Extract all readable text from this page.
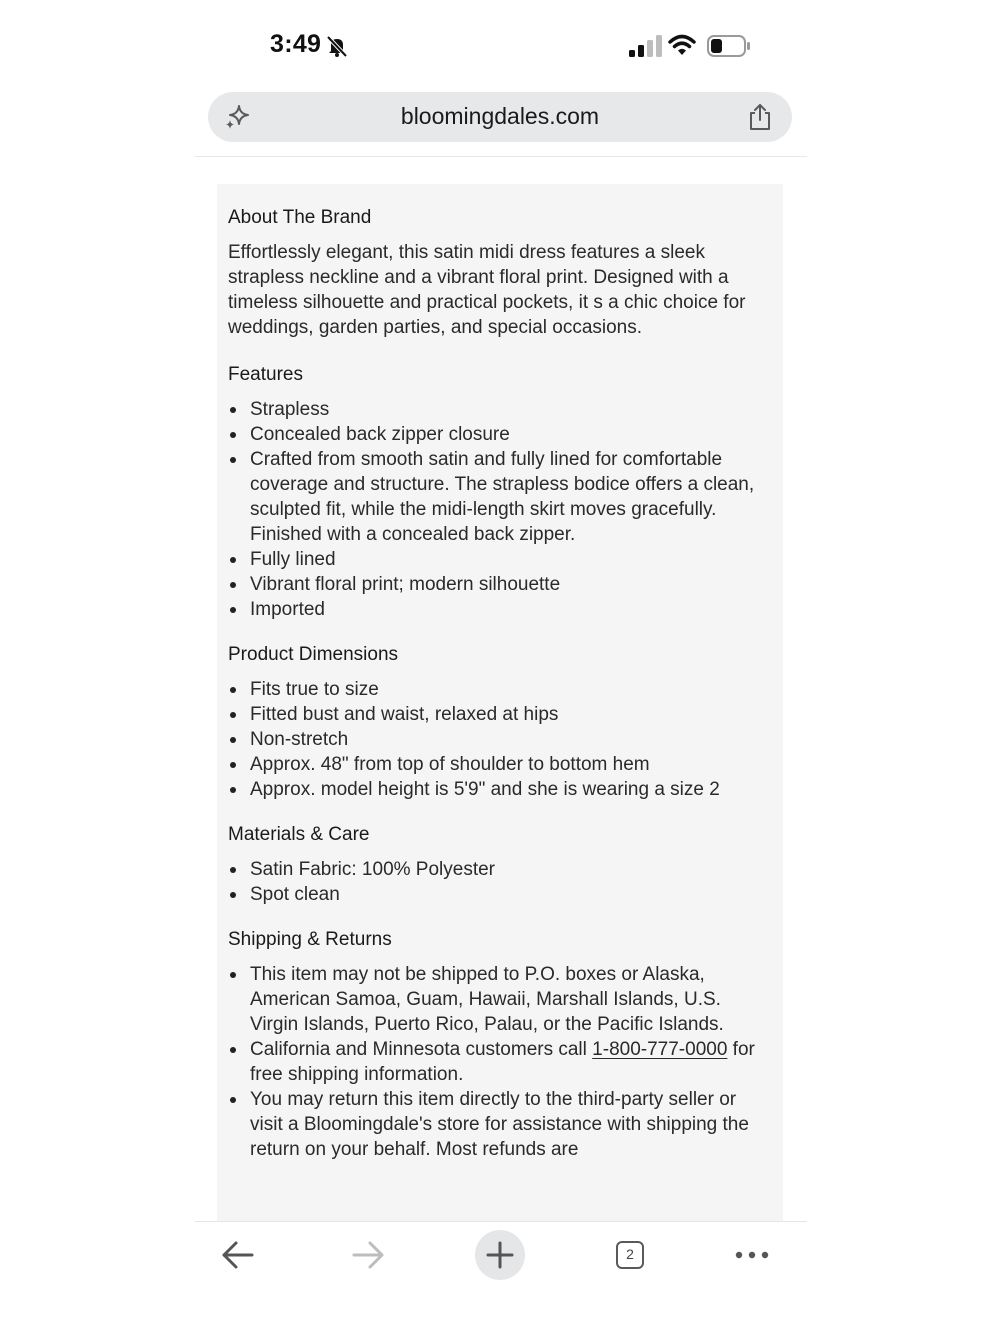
3:49
bloomingdales.com
About The Brand

Effortlessly elegant, this satin midi dress features a sleek strapless neckline and a vibrant floral print. Designed with a timeless silhouette and practical pockets, it s a chic choice for weddings, garden parties, and special occasions.

Features
Strapless
Concealed back zipper closure
Crafted from smooth satin and fully lined for comfortable coverage and structure. The strapless bodice offers a clean, sculpted fit, while the midi-length skirt moves gracefully. Finished with a concealed back zipper.
Fully lined
Vibrant floral print; modern silhouette
Imported
Product Dimensions
Fits true to size
Fitted bust and waist, relaxed at hips
Non-stretch
Approx. 48" from top of shoulder to bottom hem
Approx. model height is 5'9" and she is wearing a size 2
Materials & Care
Satin Fabric: 100% Polyester
Spot clean
Shipping & Returns
This item may not be shipped to P.O. boxes or Alaska, American Samoa, Guam, Hawaii, Marshall Islands, U.S. Virgin Islands, Puerto Rico, Palau, or the Pacific Islands.
California and Minnesota customers call 1-800-777-0000 for free shipping information.
You may return this item directly to the third-party seller or visit a Bloomingdale's store for assistance with shipping the return on your behalf. Most refunds are
2
